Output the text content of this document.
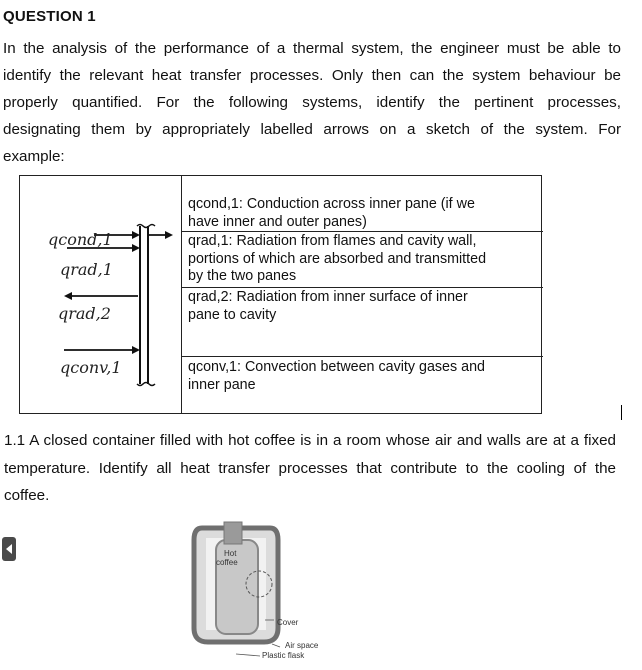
QUESTION 1
In the analysis of the performance of a thermal system, the engineer must be able to
identify the relevant heat transfer processes. Only then can the system behaviour be
properly quantified. For the following systems, identify the pertinent processes,
designating them by appropriately labelled arrows on a sketch of the system. For
example:
qcond,1
qrad,1
qrad,2
qconv,1
qcond,1: Conduction across inner pane (if we
have inner and outer panes)
qrad,1: Radiation from flames and cavity wall,
portions of which are absorbed and transmitted
by the two panes
qrad,2: Radiation from inner surface of inner
pane to cavity
qconv,1: Convection between cavity gases and
inner pane
1.1 A closed container filled with hot coffee is in a room whose air and walls are at a fixed
temperature. Identify all heat transfer processes that contribute to the cooling of the
coffee.
Hot
coffee
Cover
Air space
Plastic flask
